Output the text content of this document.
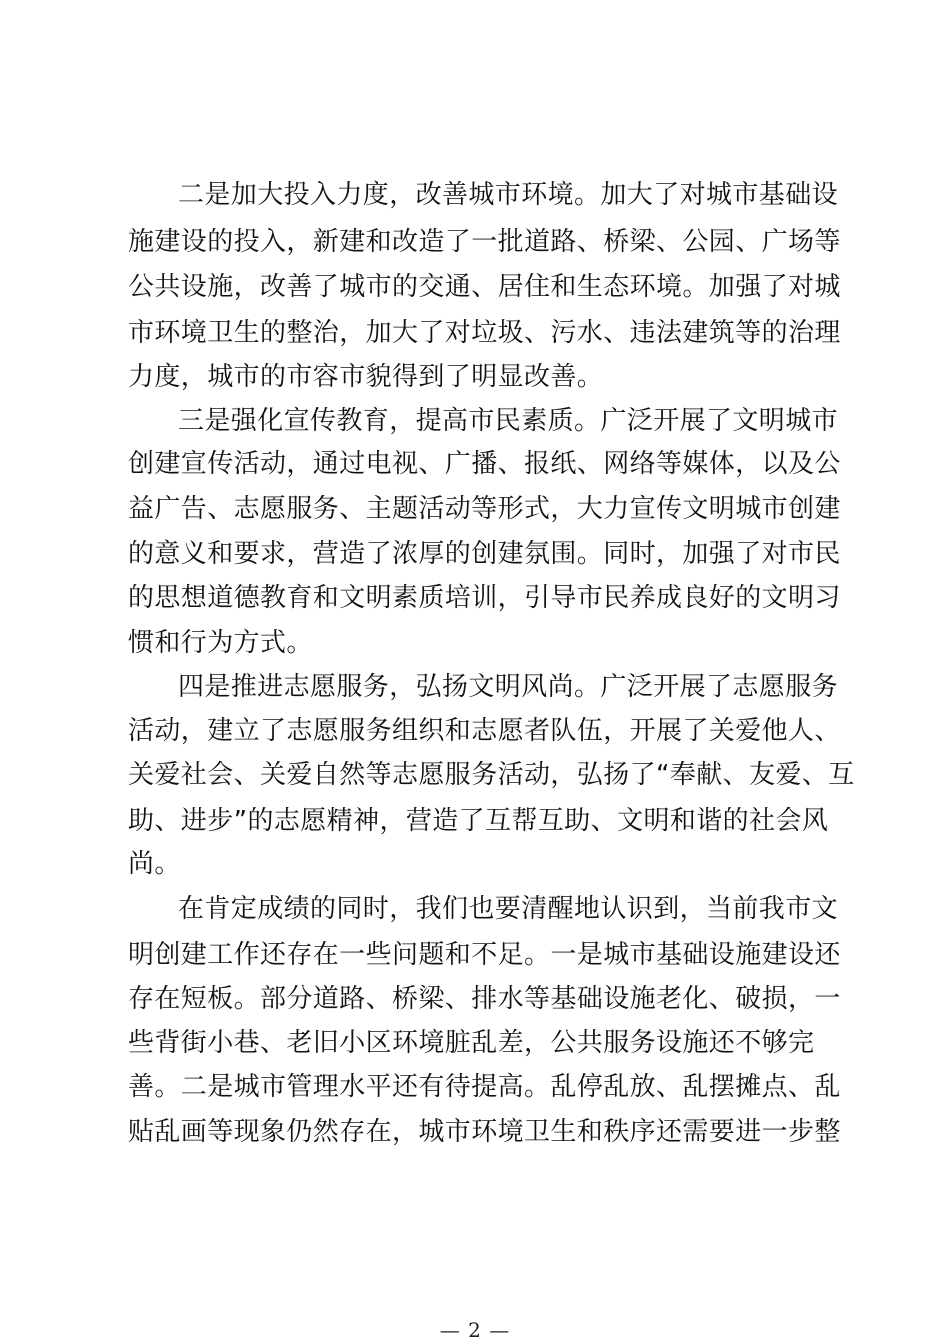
二是加大投入力度，改善城市环境。加大了对城市基础设
施建设的投入，新建和改造了一批道路、桥梁、公园、广场等
公共设施，改善了城市的交通、居住和生态环境。加强了对城
市环境卫生的整治，加大了对垃圾、污水、违法建筑等的治理
力度，城市的市容市貌得到了明显改善。
三是强化宣传教育，提高市民素质。广泛开展了文明城市
创建宣传活动，通过电视、广播、报纸、网络等媒体，以及公
益广告、志愿服务、主题活动等形式，大力宣传文明城市创建
的意义和要求，营造了浓厚的创建氛围。同时，加强了对市民
的思想道德教育和文明素质培训，引导市民养成良好的文明习
惯和行为方式。
四是推进志愿服务，弘扬文明风尚。广泛开展了志愿服务
活动，建立了志愿服务组织和志愿者队伍，开展了关爱他人、
关爱社会、关爱自然等志愿服务活动，弘扬了“奉献、友爱、互
助、进步”的志愿精神，营造了互帮互助、文明和谐的社会风
尚。
在肯定成绩的同时，我们也要清醒地认识到，当前我市文
明创建工作还存在一些问题和不足。一是城市基础设施建设还
存在短板。部分道路、桥梁、排水等基础设施老化、破损，一
些背街小巷、老旧小区环境脏乱差，公共服务设施还不够完
善。二是城市管理水平还有待提高。乱停乱放、乱摆摊点、乱
贴乱画等现象仍然存在，城市环境卫生和秩序还需要进一步整
— 2 —
